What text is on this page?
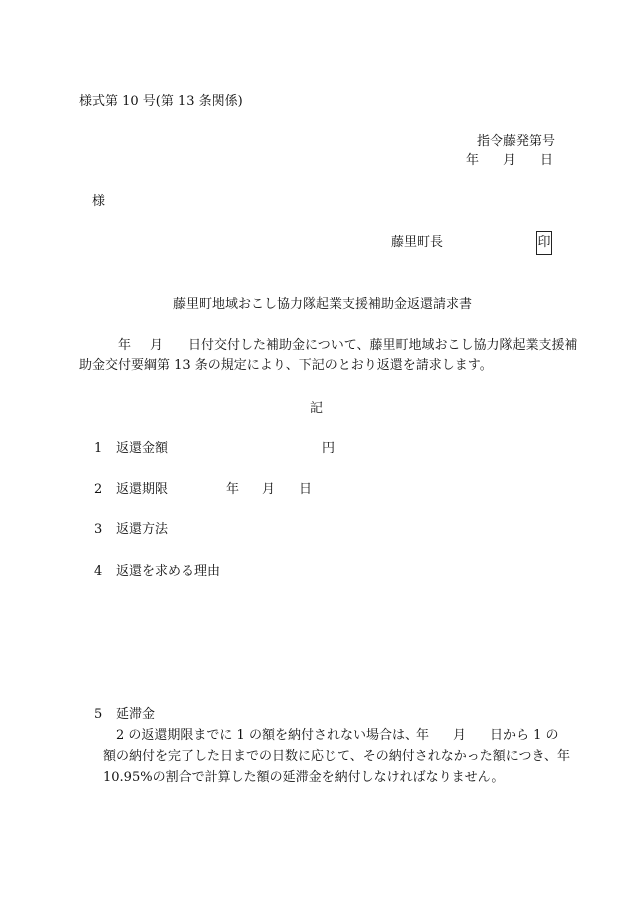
様式第 10 号(第 13 条関係)
指令藤発第号
年 月 日
様
藤里町長	印
藤里町地域おこし協力隊起業支援補助金返還請求書
年 月 日付交付した補助金について、藤里町地域おこし協力隊起業支援補
助金交付要綱第 13 条の規定により、下記のとおり返還を請求します。
記
1 返還金額	円
2 返還期限	年 月 日
3 返還方法
4 返還を求める理由
5 延滞金
2 の返還期限までに 1 の額を納付されない場合は、
年 月 日から 1 の
額の納付を完了した日までの日数に応じて、その納付されなかった額につき、年
10.95%の割合で計算した額の延滞金を納付しなければなりません。
